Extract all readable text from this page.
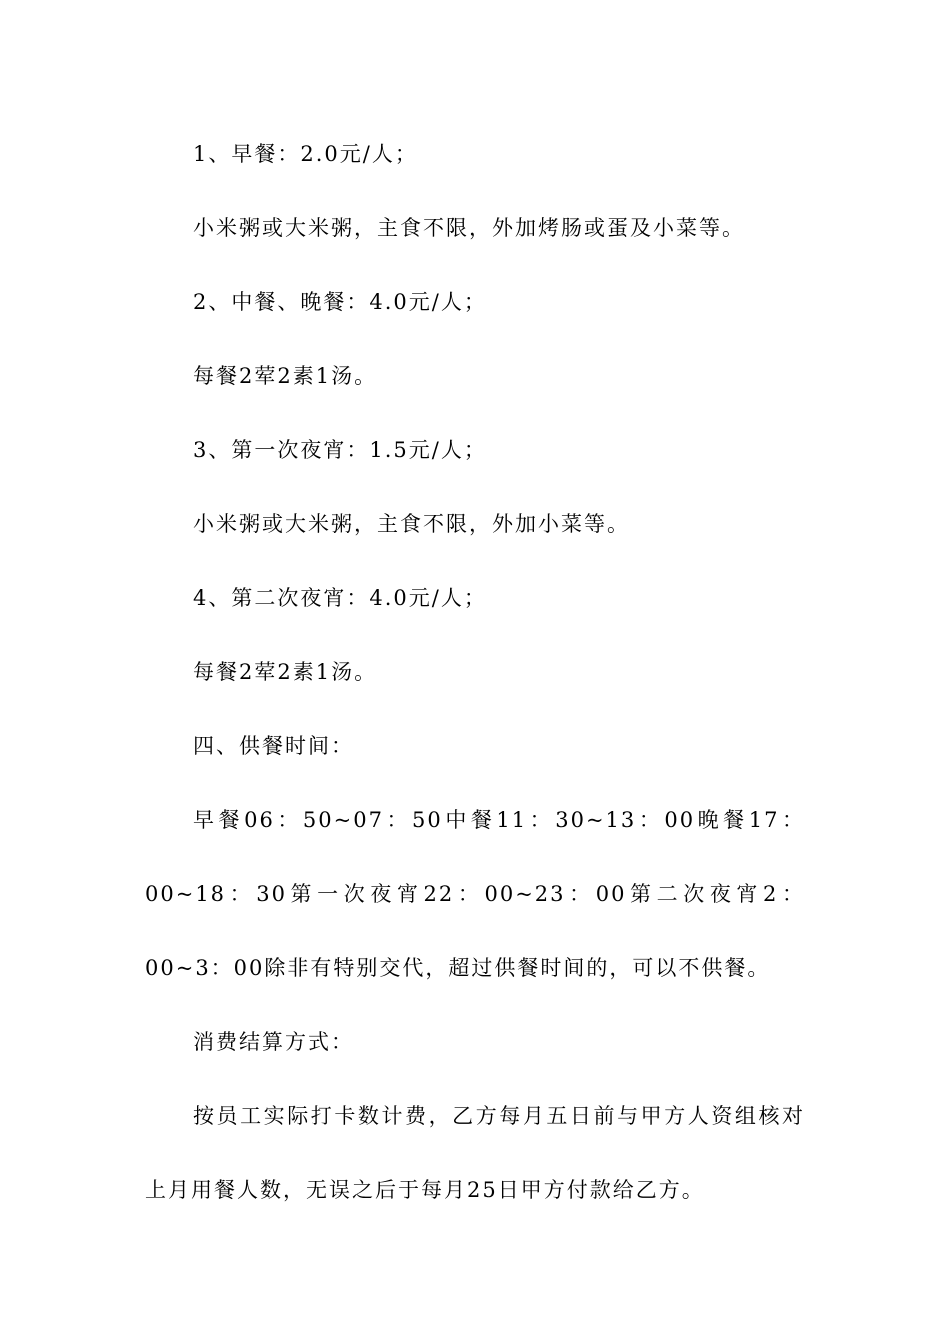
1、早餐：2.0元/人；
小米粥或大米粥，主食不限，外加烤肠或蛋及小菜等。
2、中餐、晚餐：4.0元/人；
每餐2荤2素1汤。
3、第一次夜宵：1.5元/人；
小米粥或大米粥，主食不限，外加小菜等。
4、第二次夜宵：4.0元/人；
每餐2荤2素1汤。
四、供餐时间：
早餐06：50~07：50中餐11：30~13：00晚餐17：00~18：30第一次夜宵22：00~23：00第二次夜宵2：00~3：00除非有特别交代，超过供餐时间的，可以不供餐。
消费结算方式：
按员工实际打卡数计费，乙方每月五日前与甲方人资组核对上月用餐人数，无误之后于每月25日甲方付款给乙方。
